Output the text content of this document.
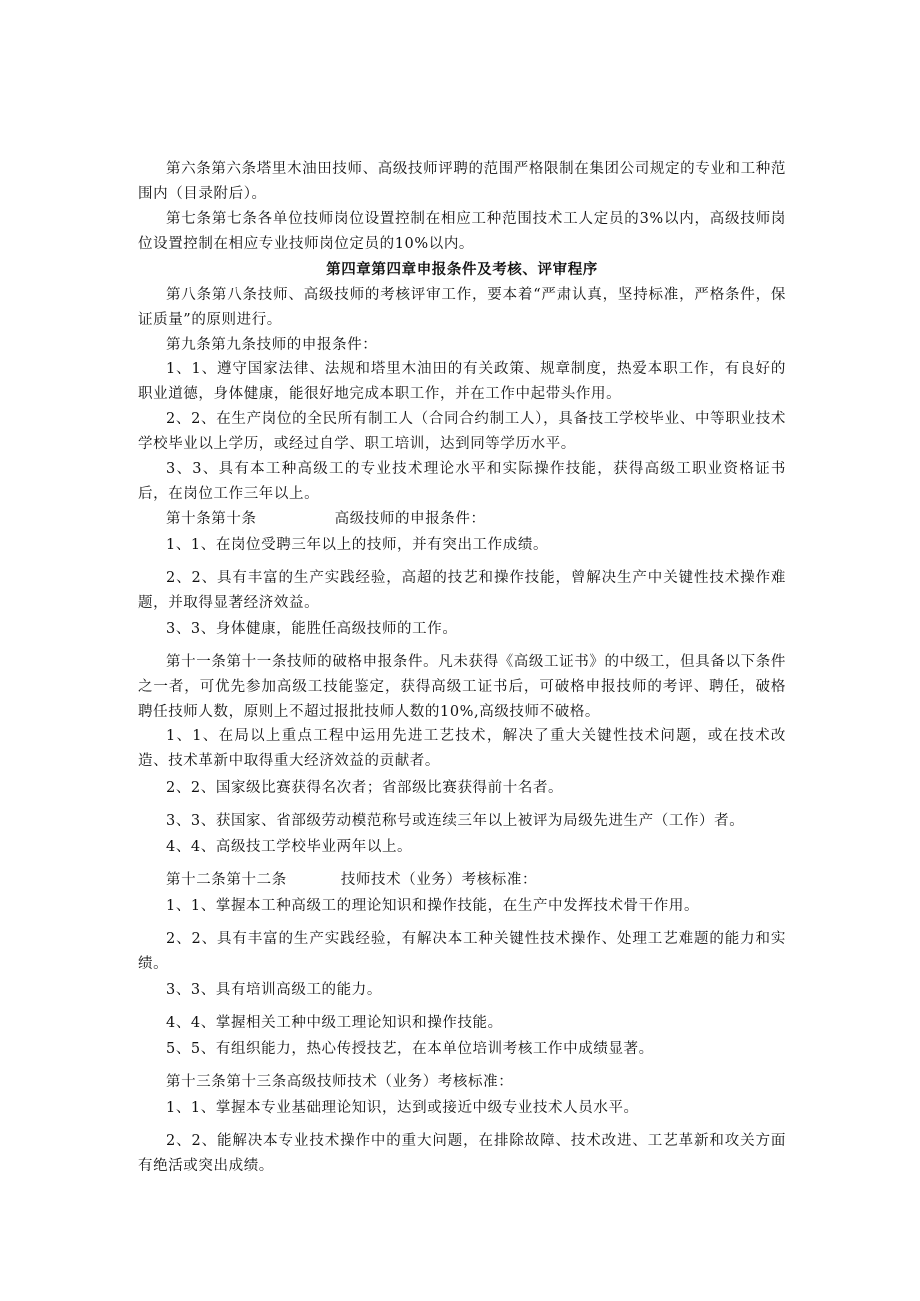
第六条第六条塔里木油田技师、高级技师评聘的范围严格限制在集团公司规定的专业和工种范围内（目录附后）。

第七条第七条各单位技师岗位设置控制在相应工种范围技术工人定员的3%以内，高级技师岗位设置控制在相应专业技师岗位定员的10%以内。

第四章第四章申报条件及考核、评审程序

第八条第八条技师、高级技师的考核评审工作，要本着“严肃认真，坚持标准，严格条件，保证质量”的原则进行。

第九条第九条技师的申报条件：

1、1、遵守国家法律、法规和塔里木油田的有关政策、规章制度，热爱本职工作，有良好的职业道德，身体健康，能很好地完成本职工作，并在工作中起带头作用。

2、2、在生产岗位的全民所有制工人（合同合约制工人），具备技工学校毕业、中等职业技术学校毕业以上学历，或经过自学、职工培训，达到同等学历水平。

3、3、具有本工种高级工的专业技术理论水平和实际操作技能，获得高级工职业资格证书后，在岗位工作三年以上。

第十条第十条	高级技师的申报条件：

1、1、在岗位受聘三年以上的技师，并有突出工作成绩。

2、2、具有丰富的生产实践经验，高超的技艺和操作技能，曾解决生产中关键性技术操作难题，并取得显著经济效益。

3、3、身体健康，能胜任高级技师的工作。

第十一条第十一条技师的破格申报条件。凡未获得《高级工证书》的中级工，但具备以下条件之一者，可优先参加高级工技能鉴定，获得高级工证书后，可破格申报技师的考评、聘任，破格聘任技师人数，原则上不超过报批技师人数的10%,高级技师不破格。

1、1、在局以上重点工程中运用先进工艺技术，解决了重大关键性技术问题，或在技术改造、技术革新中取得重大经济效益的贡献者。

2、2、国家级比赛获得名次者；省部级比赛获得前十名者。

3、3、获国家、省部级劳动模范称号或连续三年以上被评为局级先进生产（工作）者。

4、4、高级技工学校毕业两年以上。

第十二条第十二条	技师技术（业务）考核标准：

1、1、掌握本工种高级工的理论知识和操作技能，在生产中发挥技术骨干作用。

2、2、具有丰富的生产实践经验，有解决本工种关键性技术操作、处理工艺难题的能力和实绩。

3、3、具有培训高级工的能力。

4、4、掌握相关工种中级工理论知识和操作技能。

5、5、有组织能力，热心传授技艺，在本单位培训考核工作中成绩显著。

第十三条第十三条高级技师技术（业务）考核标准：

1、1、掌握本专业基础理论知识，达到或接近中级专业技术人员水平。

2、2、能解决本专业技术操作中的重大问题，在排除故障、技术改进、工艺革新和攻关方面有绝活或突出成绩。
